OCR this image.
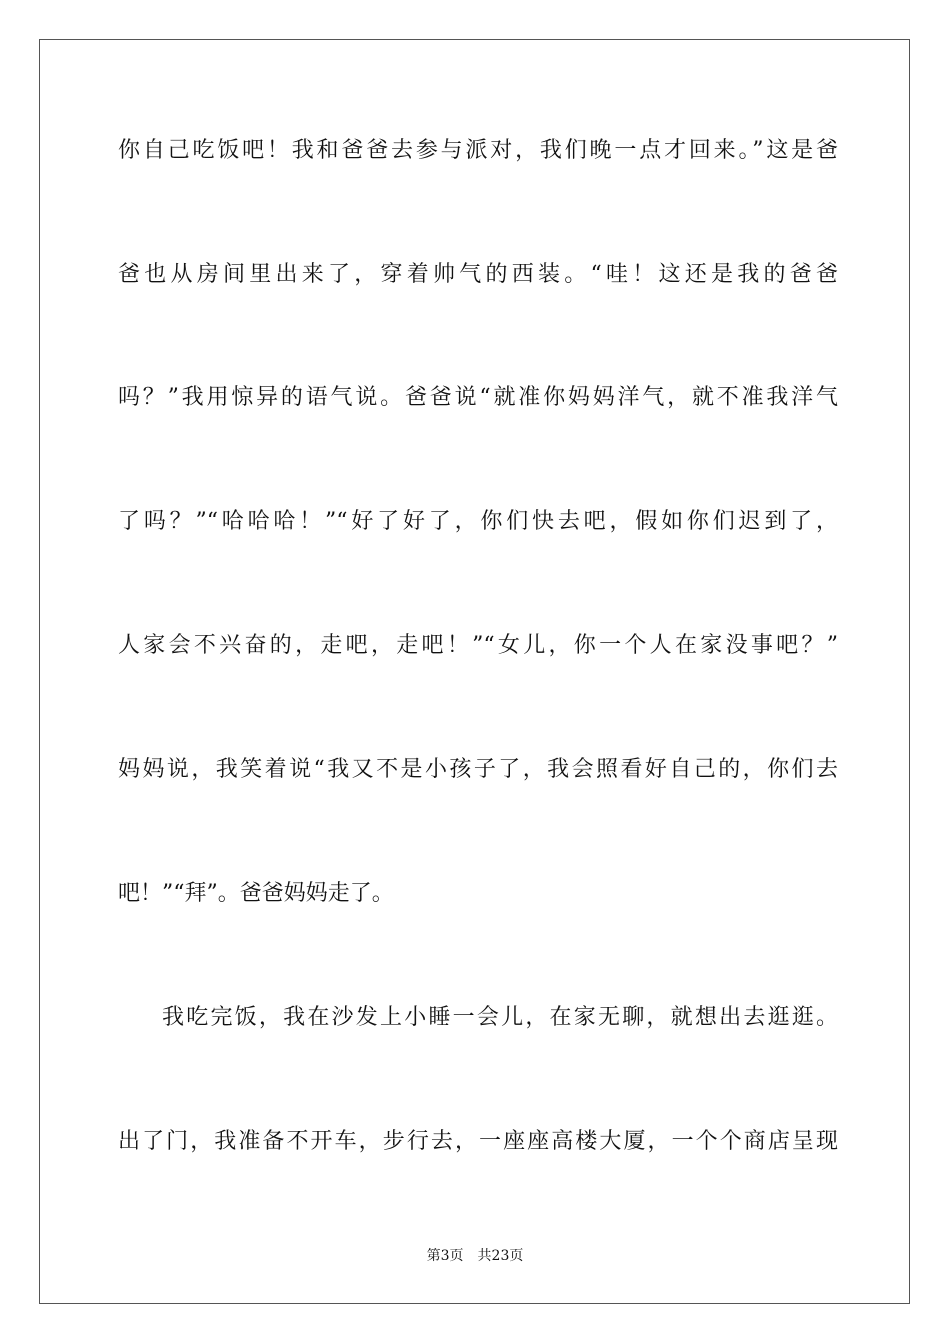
你自己吃饭吧！我和爸爸去参与派对，我们晚一点才回来。”这是爸
爸也从房间里出来了，穿着帅气的西装。“哇！这还是我的爸爸
吗？”我用惊异的语气说。爸爸说“就准你妈妈洋气，就不准我洋气
了吗？”“哈哈哈！”“好了好了，你们快去吧，假如你们迟到了，
人家会不兴奋的，走吧，走吧！”“女儿，你一个人在家没事吧？”
妈妈说，我笑着说“我又不是小孩子了，我会照看好自己的，你们去
吧！”“拜”。爸爸妈妈走了。
我吃完饭，我在沙发上小睡一会儿，在家无聊，就想出去逛逛。
出了门，我准备不开车，步行去，一座座高楼大厦，一个个商店呈现
第3页 共23页
